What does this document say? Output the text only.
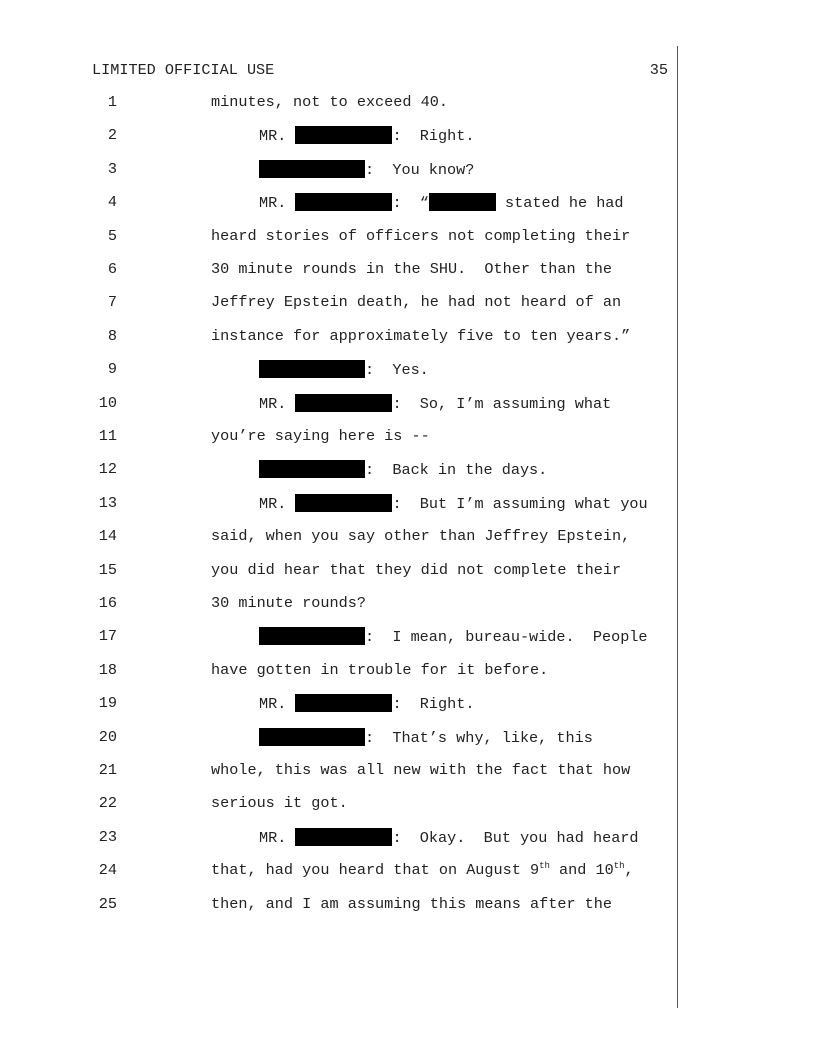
LIMITED OFFICIAL USE	35
1	minutes, not to exceed 40.
2	MR.	:  Right.
3	:  You know?
4	MR.	:  “	stated he had
5	heard stories of officers not completing their
6	30 minute rounds in the SHU.  Other than the
7	Jeffrey Epstein death, he had not heard of an
8	instance for approximately five to ten years.”
9	:  Yes.
10	MR.	:  So, I’m assuming what
11	you’re saying here is --
12	:  Back in the days.
13	MR.	:  But I’m assuming what you
14	said, when you say other than Jeffrey Epstein,
15	you did hear that they did not complete their
16	30 minute rounds?
17	:  I mean, bureau-wide.  People
18	have gotten in trouble for it before.
19	MR.	:  Right.
20	:  That’s why, like, this
21	whole, this was all new with the fact that how
22	serious it got.
23	MR.	:  Okay.  But you had heard
24	that, had you heard that on August 9th and 10th,
25	then, and I am assuming this means after the
